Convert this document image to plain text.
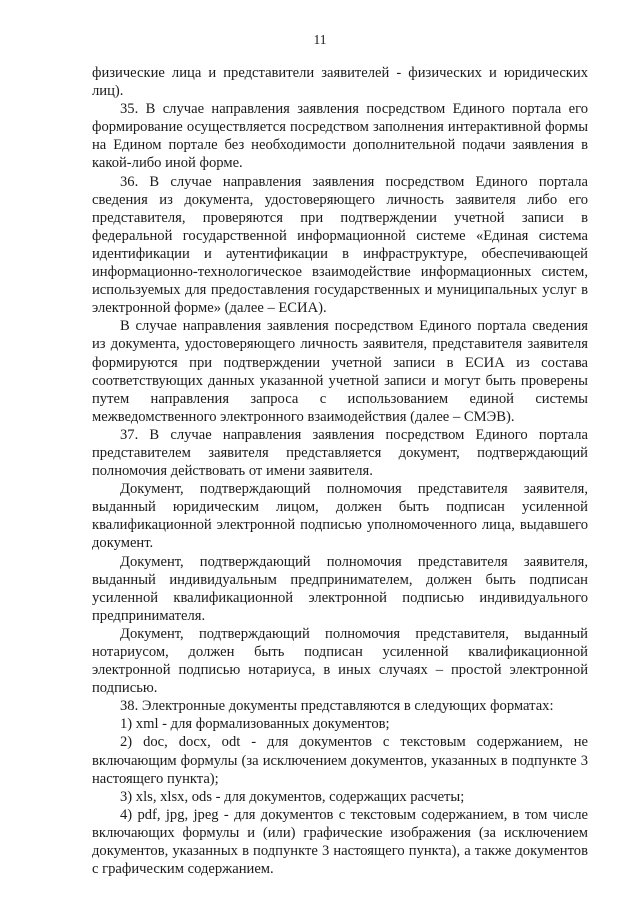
11

физические лица и представители заявителей - физических и юридических лиц).

35. В случае направления заявления посредством Единого портала его формирование осуществляется посредством заполнения интерактивной формы на Едином портале без необходимости дополнительной подачи заявления в какой-либо иной форме.

36. В случае направления заявления посредством Единого портала сведения из документа, удостоверяющего личность заявителя либо его представителя, проверяются при подтверждении учетной записи в федеральной государственной информационной системе «Единая система идентификации и аутентификации в инфраструктуре, обеспечивающей информационно-технологическое взаимодействие информационных систем, используемых для предоставления государственных и муниципальных услуг в электронной форме» (далее – ЕСИА).

В случае направления заявления посредством Единого портала сведения из документа, удостоверяющего личность заявителя, представителя заявителя формируются при подтверждении учетной записи в ЕСИА из состава соответствующих данных указанной учетной записи и могут быть проверены путем направления запроса с использованием единой системы межведомственного электронного взаимодействия (далее – СМЭВ).

37. В случае направления заявления посредством Единого портала представителем заявителя представляется документ, подтверждающий полномочия действовать от имени заявителя.

Документ, подтверждающий полномочия представителя заявителя, выданный юридическим лицом, должен быть подписан усиленной квалификационной электронной подписью уполномоченного лица, выдавшего документ.

Документ, подтверждающий полномочия представителя заявителя, выданный индивидуальным предпринимателем, должен быть подписан усиленной квалификационной электронной подписью индивидуального предпринимателя.

Документ, подтверждающий полномочия представителя, выданный нотариусом, должен быть подписан усиленной квалификационной электронной подписью нотариуса, в иных случаях – простой электронной подписью.

38. Электронные документы представляются в следующих форматах:

1) xml - для формализованных документов;

2) doc, docx, odt - для документов с текстовым содержанием, не включающим формулы (за исключением документов, указанных в подпункте 3 настоящего пункта);

3) xls, xlsx, ods - для документов, содержащих расчеты;

4) pdf, jpg, jpeg - для документов с текстовым содержанием, в том числе включающих формулы и (или) графические изображения (за исключением документов, указанных в подпункте 3 настоящего пункта), а также документов с графическим содержанием.
